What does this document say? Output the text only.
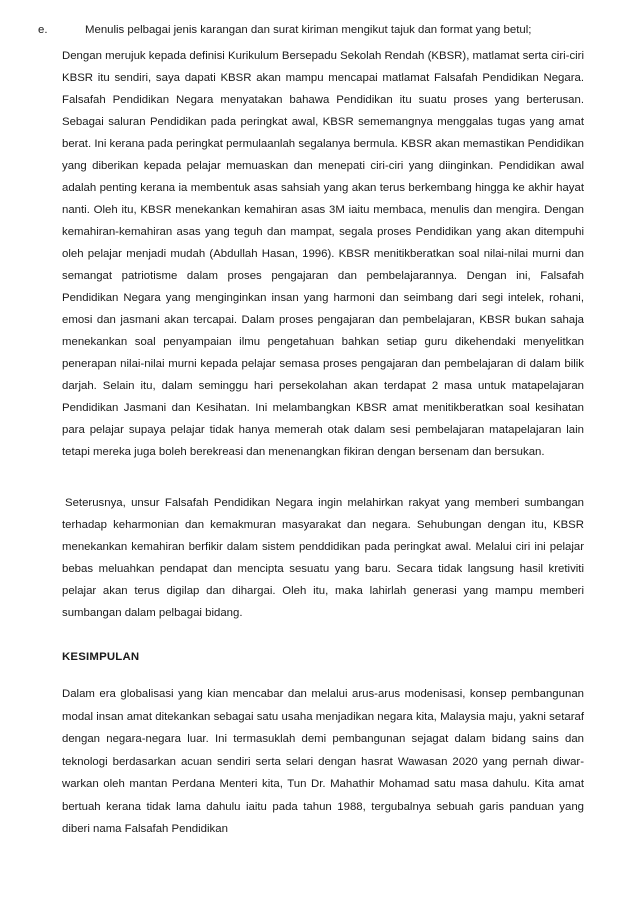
e.	Menulis pelbagai jenis karangan dan surat kiriman mengikut tajuk dan format yang betul;

Dengan merujuk kepada definisi Kurikulum Bersepadu Sekolah Rendah (KBSR), matlamat serta ciri-ciri KBSR itu sendiri, saya dapati KBSR akan mampu mencapai matlamat Falsafah Pendidikan Negara. Falsafah Pendidikan Negara menyatakan bahawa Pendidikan itu suatu proses yang berterusan. Sebagai saluran Pendidikan pada peringkat awal, KBSR sememangnya menggalas tugas yang amat berat. Ini kerana pada peringkat permulaanlah segalanya bermula. KBSR akan memastikan Pendidikan yang diberikan kepada pelajar memuaskan dan menepati ciri-ciri yang diinginkan. Pendidikan awal adalah penting kerana ia membentuk asas sahsiah yang akan terus berkembang hingga ke akhir hayat nanti. Oleh itu, KBSR menekankan kemahiran asas 3M iaitu membaca, menulis dan mengira. Dengan kemahiran-kemahiran asas yang teguh dan mampat, segala proses Pendidikan yang akan ditempuhi oleh pelajar menjadi mudah (Abdullah Hasan, 1996). KBSR menitikberatkan soal nilai-nilai murni dan semangat patriotisme dalam proses pengajaran dan pembelajarannya. Dengan ini, Falsafah Pendidikan Negara yang menginginkan insan yang harmoni dan seimbang dari segi intelek, rohani, emosi dan jasmani akan tercapai. Dalam proses pengajaran dan pembelajaran, KBSR bukan sahaja menekankan soal penyampaian ilmu pengetahuan bahkan setiap guru dikehendaki menyelitkan penerapan nilai-nilai murni kepada pelajar semasa proses pengajaran dan pembelajaran di dalam bilik darjah. Selain itu, dalam seminggu hari persekolahan akan terdapat 2 masa untuk matapelajaran Pendidikan Jasmani dan Kesihatan. Ini melambangkan KBSR amat menitikberatkan soal kesihatan para pelajar supaya pelajar tidak hanya memerah otak dalam sesi pembelajaran matapelajaran lain tetapi mereka juga boleh berekreasi dan menenangkan fikiran dengan bersenam dan bersukan.

Seterusnya, unsur Falsafah Pendidikan Negara ingin melahirkan rakyat yang memberi sumbangan terhadap keharmonian dan kemakmuran masyarakat dan negara. Sehubungan dengan itu, KBSR menekankan kemahiran berfikir dalam sistem penddidikan pada peringkat awal. Melalui ciri ini pelajar bebas meluahkan pendapat dan mencipta sesuatu yang baru. Secara tidak langsung hasil kretiviti pelajar akan terus digilap dan dihargai. Oleh itu, maka lahirlah generasi yang mampu memberi sumbangan dalam pelbagai bidang.

KESIMPULAN

Dalam era globalisasi yang kian mencabar dan melalui arus-arus modenisasi, konsep pembangunan modal insan amat ditekankan sebagai satu usaha menjadikan negara kita, Malaysia maju, yakni setaraf dengan negara-negara luar. Ini termasuklah demi pembangunan sejagat dalam bidang sains dan teknologi berdasarkan acuan sendiri serta selari dengan hasrat Wawasan 2020 yang pernah diwar-warkan oleh mantan Perdana Menteri kita, Tun Dr. Mahathir Mohamad satu masa dahulu. Kita amat bertuah kerana tidak lama dahulu iaitu pada tahun 1988, tergubalnya sebuah garis panduan yang diberi nama Falsafah Pendidikan
